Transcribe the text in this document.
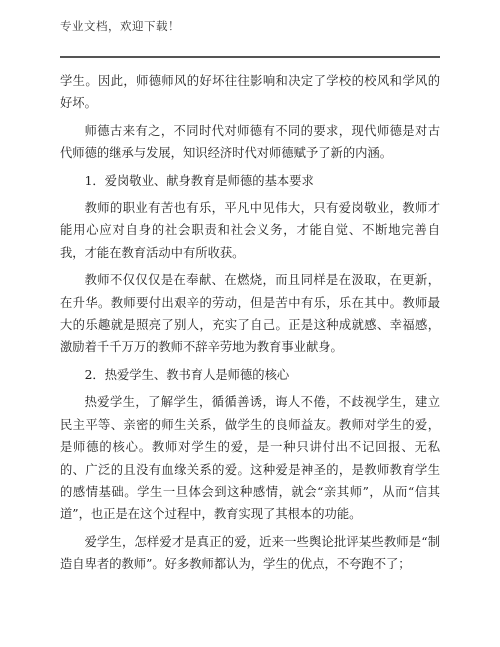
专业文档，欢迎下载！

学生。因此，师德师风的好坏往往影响和决定了学校的校风和学风的好坏。

师德古来有之，不同时代对师德有不同的要求，现代师德是对古代师德的继承与发展，知识经济时代对师德赋予了新的内涵。

1．爱岗敬业、献身教育是师德的基本要求

教师的职业有苦也有乐，平凡中见伟大，只有爱岗敬业，教师才能用心应对自身的社会职责和社会义务，才能自觉、不断地完善自我，才能在教育活动中有所收获。

教师不仅仅仅是在奉献、在燃烧，而且同样是在汲取，在更新，在升华。教师要付出艰辛的劳动，但是苦中有乐，乐在其中。教师最大的乐趣就是照亮了别人，充实了自己。正是这种成就感、幸福感，激励着千千万万的教师不辞辛劳地为教育事业献身。

2．热爱学生、教书育人是师德的核心

热爱学生，了解学生，循循善诱，诲人不倦，不歧视学生，建立民主平等、亲密的师生关系，做学生的良师益友。教师对学生的爱，是师德的核心。教师对学生的爱，是一种只讲付出不记回报、无私的、广泛的且没有血缘关系的爱。这种爱是神圣的，是教师教育学生的感情基础。学生一旦体会到这种感情，就会“亲其师”，从而“信其道”，也正是在这个过程中，教育实现了其根本的功能。

爱学生，怎样爱才是真正的爱，近来一些舆论批评某些教师是“制造自卑者的教师”。好多教师都认为，学生的优点，不夸跑不了；
